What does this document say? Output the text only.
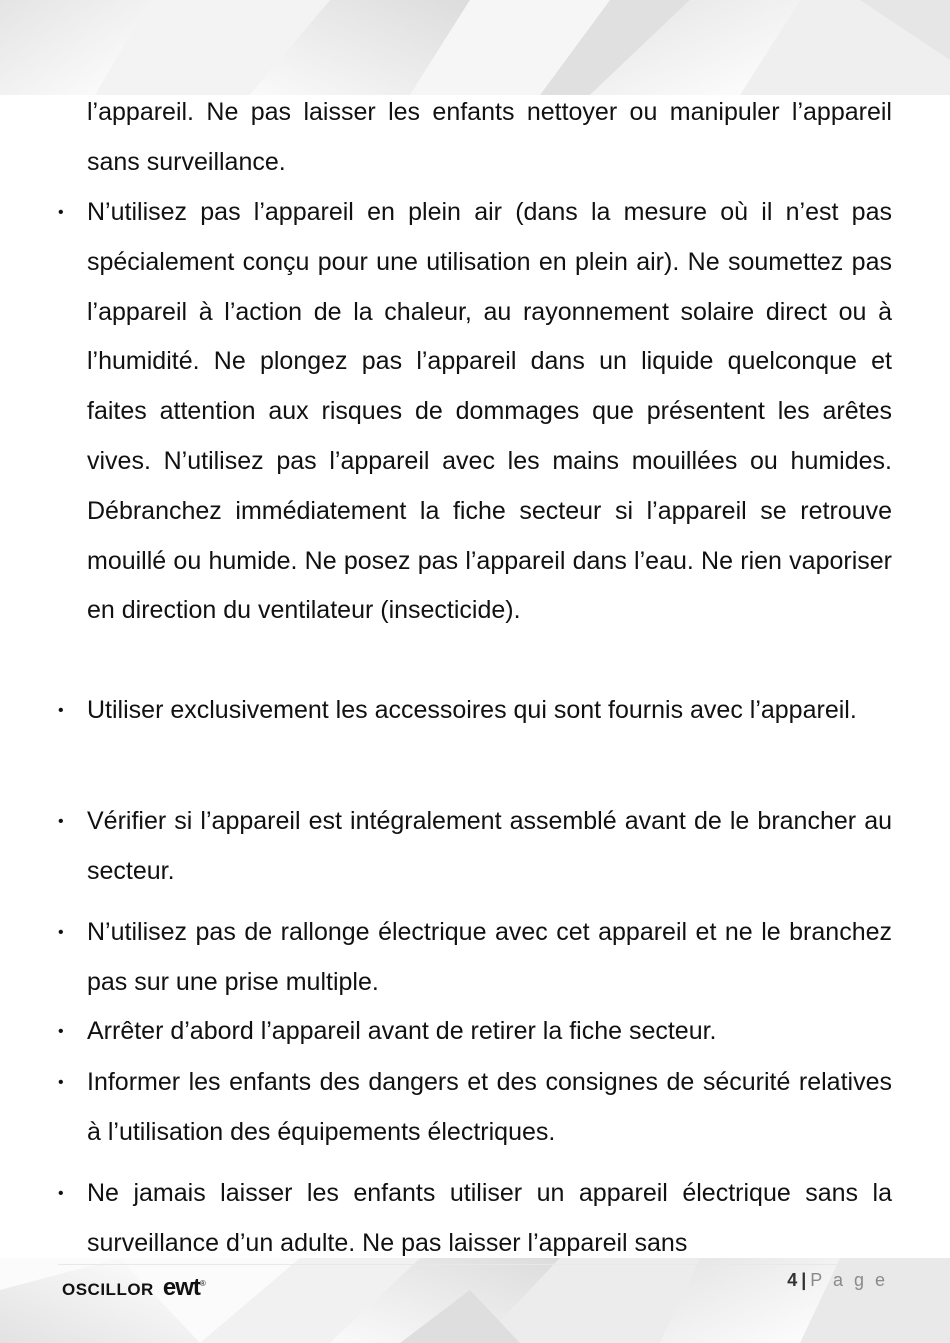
•
•
•
•
•
•
•

l’appareil. Ne pas laisser les enfants nettoyer ou manipuler l’appareil sans surveillance.

N’utilisez pas l’appareil en plein air (dans la mesure où il n’est pas spécialement conçu pour une utilisation en plein air). Ne soumettez pas l’appareil à l’action de la chaleur, au rayonnement solaire direct ou à l’humidité. Ne plongez pas l’appareil dans un liquide quelconque et faites attention aux risques de dommages que présentent les arêtes vives. N’utilisez pas l’appareil avec les mains mouillées ou humides. Débranchez immédiatement la fiche secteur si l’appareil se retrouve mouillé ou humide. Ne posez pas l’appareil dans l’eau. Ne rien vaporiser en direction du ventilateur (insecticide).

Utiliser exclusivement les accessoires qui sont fournis avec l’appareil.

Vérifier si l’appareil est intégralement assemblé avant de le brancher au secteur.

N’utilisez pas de rallonge électrique avec cet appareil et ne le branchez pas sur une prise multiple.

Arrêter d’abord l’appareil avant de retirer la fiche secteur.

Informer les enfants des dangers et des consignes de sécurité relatives à l’utilisation des équipements électriques.

Ne jamais laisser les enfants utiliser un appareil électrique sans la surveillance d’un adulte. Ne pas laisser l’appareil sans

OSCILLOR ewt®	4 | P a g e
